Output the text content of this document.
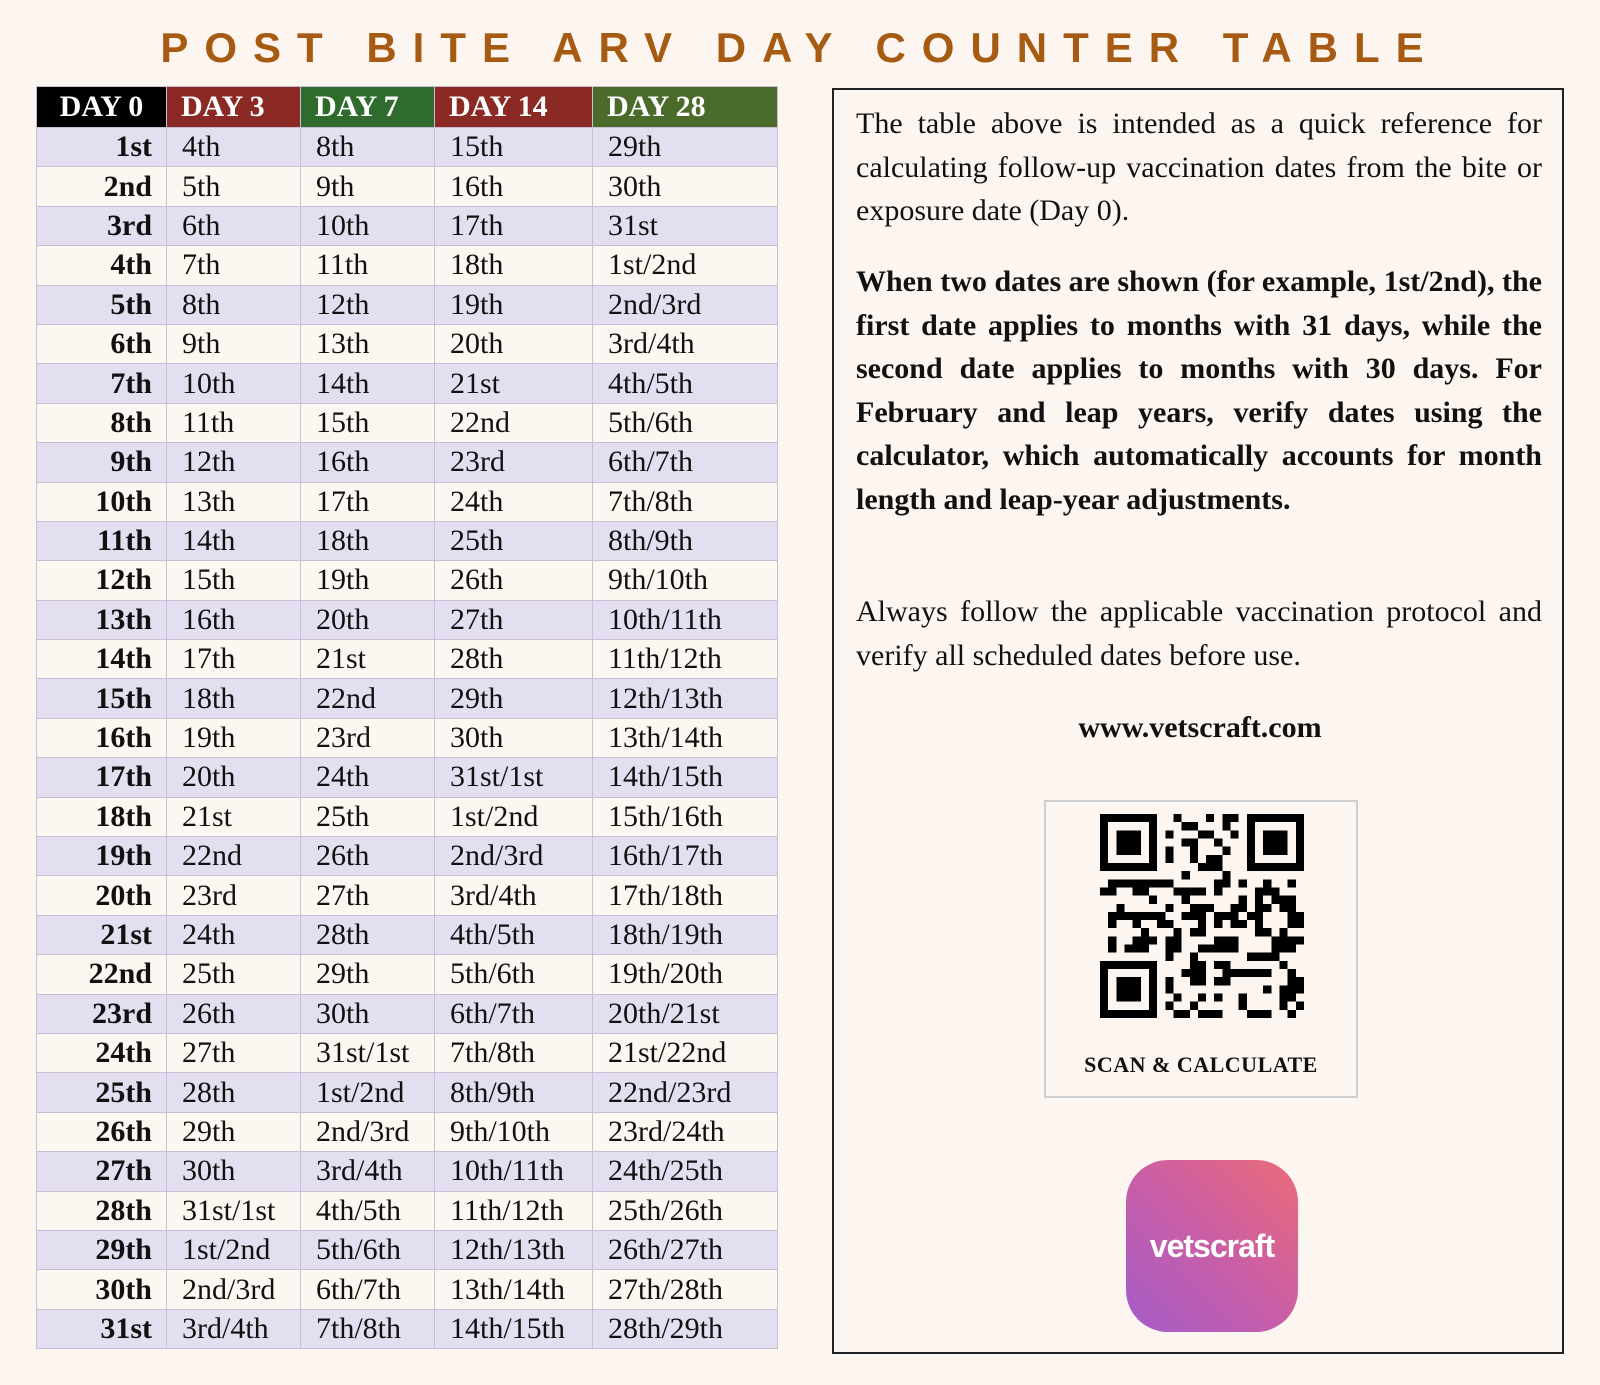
POST BITE ARV DAY COUNTER TABLE
DAY 0	DAY 3	DAY 7	DAY 14	DAY 28
1st	4th	8th	15th	29th
2nd	5th	9th	16th	30th
3rd	6th	10th	17th	31st
4th	7th	11th	18th	1st/2nd
5th	8th	12th	19th	2nd/3rd
6th	9th	13th	20th	3rd/4th
7th	10th	14th	21st	4th/5th
8th	11th	15th	22nd	5th/6th
9th	12th	16th	23rd	6th/7th
10th	13th	17th	24th	7th/8th
11th	14th	18th	25th	8th/9th
12th	15th	19th	26th	9th/10th
13th	16th	20th	27th	10th/11th
14th	17th	21st	28th	11th/12th
15th	18th	22nd	29th	12th/13th
16th	19th	23rd	30th	13th/14th
17th	20th	24th	31st/1st	14th/15th
18th	21st	25th	1st/2nd	15th/16th
19th	22nd	26th	2nd/3rd	16th/17th
20th	23rd	27th	3rd/4th	17th/18th
21st	24th	28th	4th/5th	18th/19th
22nd	25th	29th	5th/6th	19th/20th
23rd	26th	30th	6th/7th	20th/21st
24th	27th	31st/1st	7th/8th	21st/22nd
25th	28th	1st/2nd	8th/9th	22nd/23rd
26th	29th	2nd/3rd	9th/10th	23rd/24th
27th	30th	3rd/4th	10th/11th	24th/25th
28th	31st/1st	4th/5th	11th/12th	25th/26th
29th	1st/2nd	5th/6th	12th/13th	26th/27th
30th	2nd/3rd	6th/7th	13th/14th	27th/28th
31st	3rd/4th	7th/8th	14th/15th	28th/29th

The table above is intended as a quick reference for calculating follow-up vaccination dates from the bite or exposure date (Day 0).

When two dates are shown (for example, 1st/2nd), the first date applies to months with 31 days, while the second date applies to months with 30 days. For February and leap years, verify dates using the calculator, which automatically accounts for month length and leap-year adjustments.

Always follow the applicable vaccination protocol and verify all scheduled dates before use.

www.vetscraft.com
SCAN & CALCULATE
vetscraft
